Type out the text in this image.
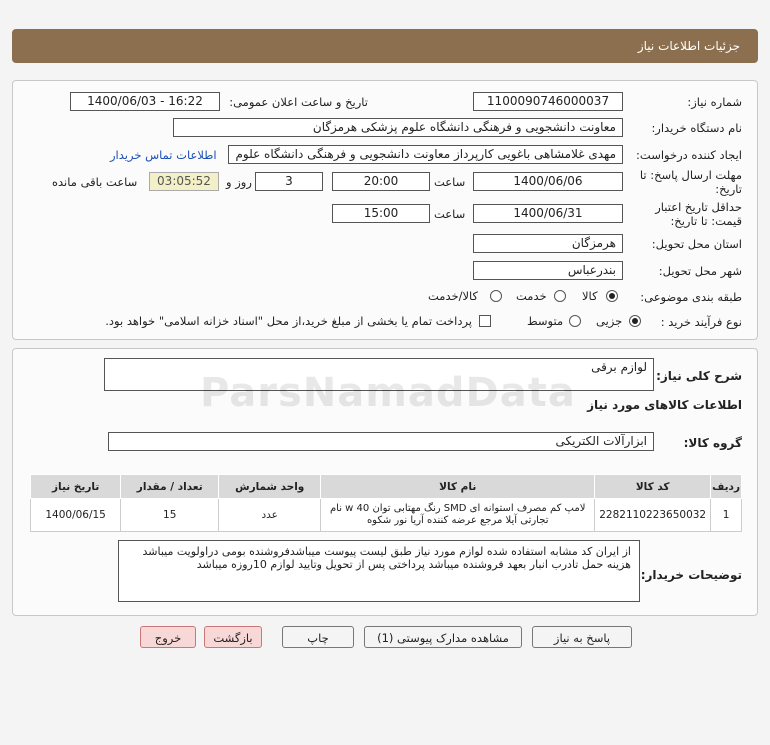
جزئیات اطلاعات نیاز
شماره نیاز:
1100090746000037
تاریخ و ساعت اعلان عمومی:
1400/06/03 - 16:22
نام دستگاه خریدار:
معاونت دانشجویی و فرهنگی دانشگاه علوم پزشکی هرمزگان
ایجاد کننده درخواست:
مهدی غلامشاهی باغویی کارپرداز معاونت دانشجویی و فرهنگی دانشگاه علوم
اطلاعات تماس خریدار
مهلت ارسال پاسخ: تا
تاریخ:
1400/06/06
ساعت
20:00
3
روز و
03:05:52
ساعت باقی مانده
حداقل تاریخ اعتبار
قیمت: تا تاریخ:
1400/06/31
ساعت
15:00
استان محل تحویل:
هرمزگان
شهر محل تحویل:
بندرعباس
طبقه بندی موضوعی:
کالا
خدمت
کالا/خدمت
نوع فرآیند خرید :
جزیی
متوسط
پرداخت تمام یا بخشی از مبلغ خرید،از محل "اسناد خزانه اسلامی" خواهد بود.
شرح کلی نیاز:
لوازم برقی
ParsNamadData اطلاعات کالاهای مورد نیاز
گروه کالا:
ابزارآلات الکتریکی
ردیف	کد کالا	نام کالا	واحد شمارش	تعداد / مقدار	تاریخ نیاز
1	2282110223650032	لامپ کم مصرف استوانه ای SMD رنگ مهتابی توان 40 w نام تجارتی آیلا مرجع عرضه کننده آریا نور شکوه	عدد	15	1400/06/15
توضیحات خریدار:
از ایران کد مشابه استفاده شده لوازم مورد نیاز طبق لیست پیوست میباشدفروشنده بومی دراولویت میباشد هزینه حمل تادرب انبار بعهد فروشنده میباشد پرداختی پس از تحویل وتایید لوازم 10روزه میباشد
پاسخ به نیاز
مشاهده مدارک پیوستی (1)
چاپ
بازگشت
خروج
